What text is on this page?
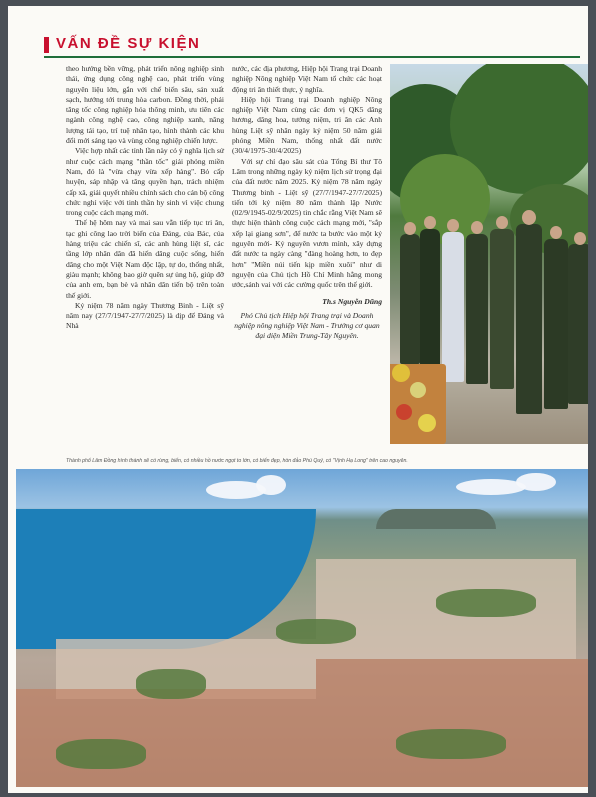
VẤN ĐỀ SỰ KIỆN

theo hướng bền vững, phát triển nông nghiệp sinh thái, ứng dụng công nghệ cao, phát triển vùng nguyên liệu lớn, gắn với chế biến sâu, sản xuất sạch, hướng tới trung hòa carbon. Đồng thời, phải tăng tốc công nghiệp hóa thông minh, ưu tiên các ngành công nghệ cao, công nghiệp xanh, năng lượng tái tạo, trí tuệ nhân tạo, hình thành các khu đổi mới sáng tạo và vùng công nghiệp chiến lược.

Việc hợp nhất các tỉnh lần này có ý nghĩa lịch sử như cuộc cách mạng "thần tốc" giải phóng miền Nam, đó là "vừa chạy vừa xếp hàng". Bỏ cấp huyện, sáp nhập và tăng quyền hạn, trách nhiệm cấp xã, giải quyết nhiều chính sách cho cán bộ công chức nghỉ việc với tinh thần hy sinh vì việc chung trong cuộc cách mạng mới.

Thế hệ hôm nay và mai sau vẫn tiếp tục tri ân, tạc ghi công lao trời biển của Đảng, của Bác, của hàng triệu các chiến sĩ, các anh hùng liệt sĩ, các tầng lớp nhân dân đã hiến dâng cuộc sống, hiến dâng cho một Việt Nam độc lập, tự do, thống nhất, giàu mạnh; không bao giờ quên sự ủng hộ, giúp đỡ của anh em, bạn bè và nhân dân tiến bộ trên toàn thế giới.

Kỷ niệm 78 năm ngày Thương Binh - Liệt sỹ năm nay (27/7/1947-27/7/2025) là dịp để Đảng và Nhà

nước, các địa phương, Hiệp hội Trang trại Doanh nghiệp Nông nghiệp Việt Nam tổ chức các hoạt động tri ân thiết thực, ý nghĩa.

Hiệp hội Trang trại Doanh nghiệp Nông nghiệp Việt Nam cùng các đơn vị QK5 dâng hương, dâng hoa, tưởng niệm, tri ân các Anh hùng Liệt sỹ nhân ngày kỷ niệm 50 năm giải phóng Miền Nam, thống nhất đất nước (30/4/1975-30/4/2025)

Với sự chỉ đạo sâu sát của Tổng Bí thư Tô Lâm trong những ngày kỷ niệm lịch sử trọng đại của đất nước năm 2025. Kỷ niệm 78 năm ngày Thương binh - Liệt sỹ (27/7/1947-27/7/2025) tiến tới kỷ niệm 80 năm thành lập Nước (02/9/1945-02/9/2025) tin chắc rằng Việt Nam sẽ thực hiện thành công cuộc cách mạng mới, "sắp xếp lại giang sơn", để nước ta bước vào một kỷ nguyên mới- Kỷ nguyên vươn mình, xây dựng đất nước ta ngày càng "đàng hoàng hơn, to đẹp hơn" "Miền núi tiến kịp miền xuôi" như di nguyện của Chủ tịch Hồ Chí Minh hằng mong ước,sánh vai với các cường quốc trên thế giới.

Th.s Nguyễn Dũng

Phó Chủ tịch Hiệp hội Trang trại và Doanh nghiệp nông nghiệp Việt Nam - Trưởng cơ quan đại diện Miền Trung-Tây Nguyên.

Thành phố Lâm Đồng hình thành sẽ có rừng, biển, có nhiều hồ nước ngọt to lớn, có biển đẹp, hòn đảo Phú Quý, có "Vịnh Hạ Long" trên cao nguyên.
